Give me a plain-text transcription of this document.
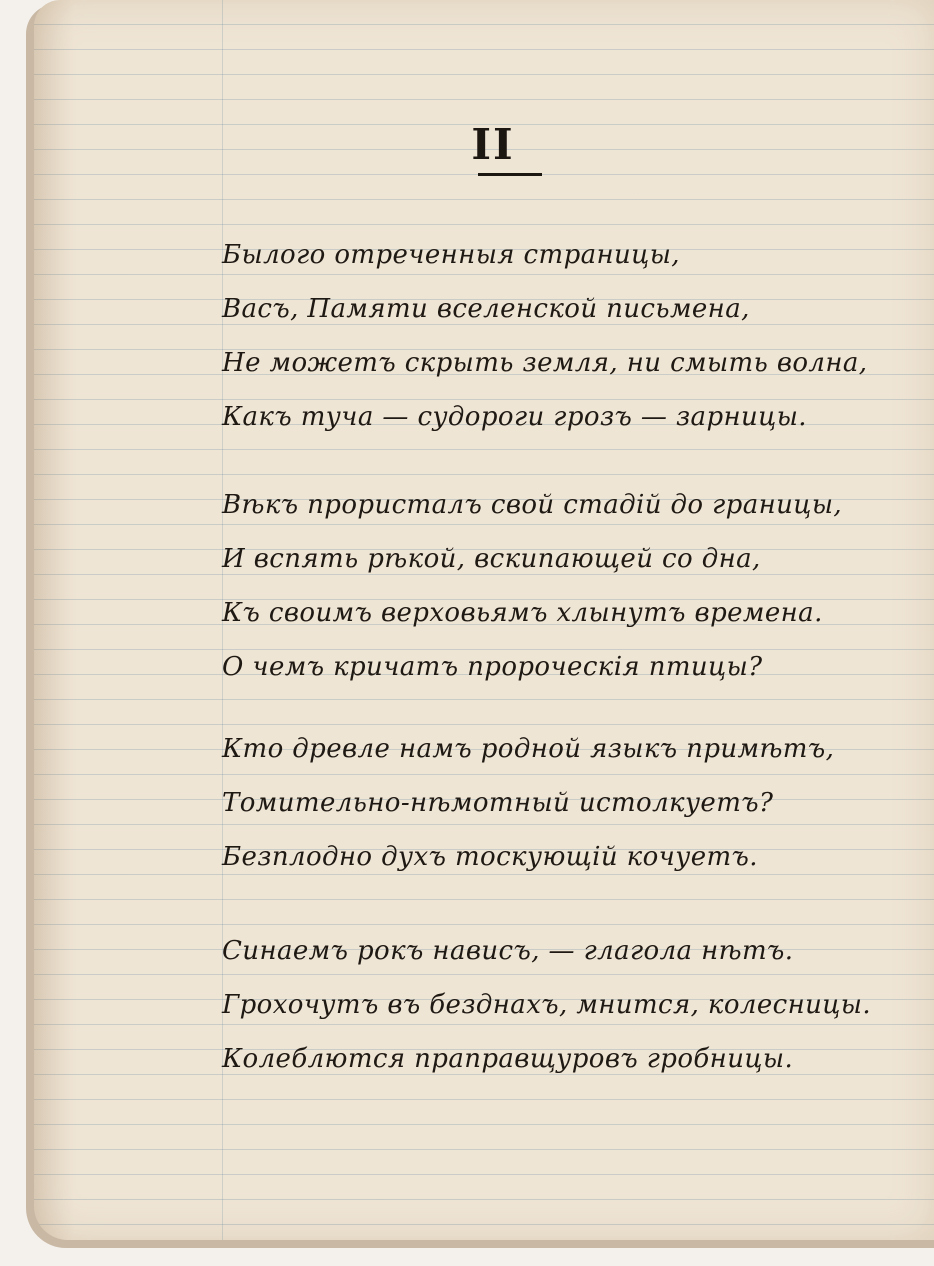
II
Былого отреченныя страницы,
Васъ, Памяти вселенской письмена,
Не можетъ скрыть земля, ни смыть волна,
Какъ туча — судороги грозъ — зарницы.
Вѣкъ прористалъ свой стадій до границы,
И вспять рѣкой, вскипающей со дна,
Къ своимъ верховьямъ хлынутъ времена.
О чемъ кричатъ пророческія птицы?
Кто древле намъ родной языкъ примѣтъ,
Томительно-нѣмотный истолкуетъ?
Безплодно духъ тоскующій кочуетъ.
Синаемъ рокъ нависъ, — глагола нѣтъ.
Грохочутъ въ безднахъ, мнится, колесницы.
Колеблются праправщуровъ гробницы.
